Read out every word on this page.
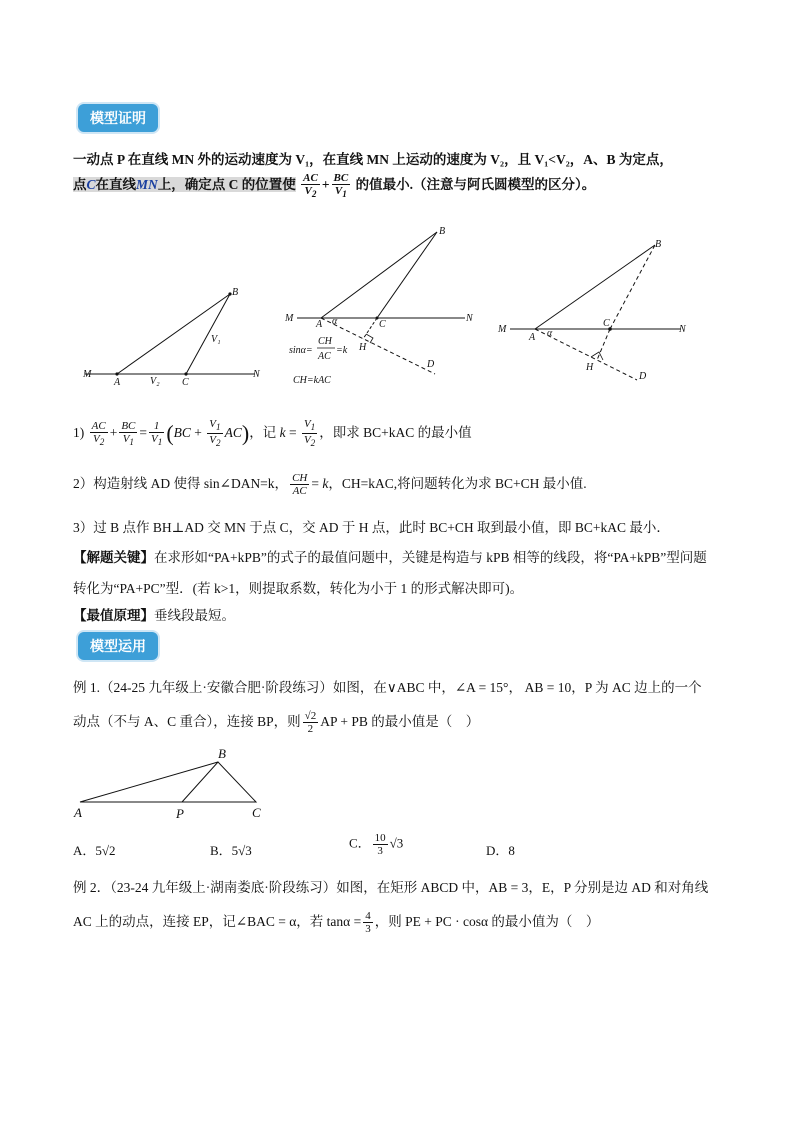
模型证明
一动点 P 在直线 MN 外的运动速度为 V₁，在直线 MN 上运动的速度为 V₂，且 V₁<V₂，A、B 为定点，
点C在直线MN上，确定点 C 的位置使 $\frac{AC}{V_2} + \frac{BC}{V_1}$ 的值最小.（注意与阿氏圆模型的区分）。
M	N
A	C
B
V₁
V₂
M	N
B
A	C
α
H
D
sinα=
CH
AC
=k
CH=kAC
M	N
B
A
C
α
H
D
$1) \frac{AC}{V_2} + \frac{BC}{V_1} = \frac{1}{V_1} (BC + \frac{V_1}{V_2} AC)$，记 $k = \frac{V_1}{V_2}$ ，即求 BC+kAC 的最小值
2）构造射线 AD 使得 sin∠DAN=k， $\frac{CH}{AC} = k$，CH=kAC,将问题转化为求 BC+CH 最小值.
3）过 B 点作 BH⊥AD 交 MN 于点 C，交 AD 于 H 点，此时 BC+CH 取到最小值，即 BC+kAC 最小．
【解题关键】在求形如“PA+kPB”的式子的最值问题中，关键是构造与 kPB 相等的线段，将“PA+kPB”型问题
转化为“PA+PC”型．(若 k>1，则提取系数，转化为小于 1 的形式解决即可)。
【最值原理】垂线段最短。
模型运用
例 1.（24-25 九年级上·安徽合肥·阶段练习）如图，在∨ABC 中，∠A = 15°， AB = 10，P 为 AC 边上的一个
动点（不与 A、C 重合），连接 BP，则 $\frac{√2}{2}$ AP + PB 的最小值是（　）
A
B
P	C
A．5√2	B．5√3
C． $\frac{10}{3} √3$
D．8
例 2．（23-24 九年级上·湖南娄底·阶段练习）如图，在矩形 ABCD 中，AB = 3，E，P 分别是边 AD 和对角线
AC 上的动点，连接 EP，记∠BAC = α，若 $\tan\alpha = \frac{4}{3}$ ，则 PE + PC · cosα 的最小值为（　）
